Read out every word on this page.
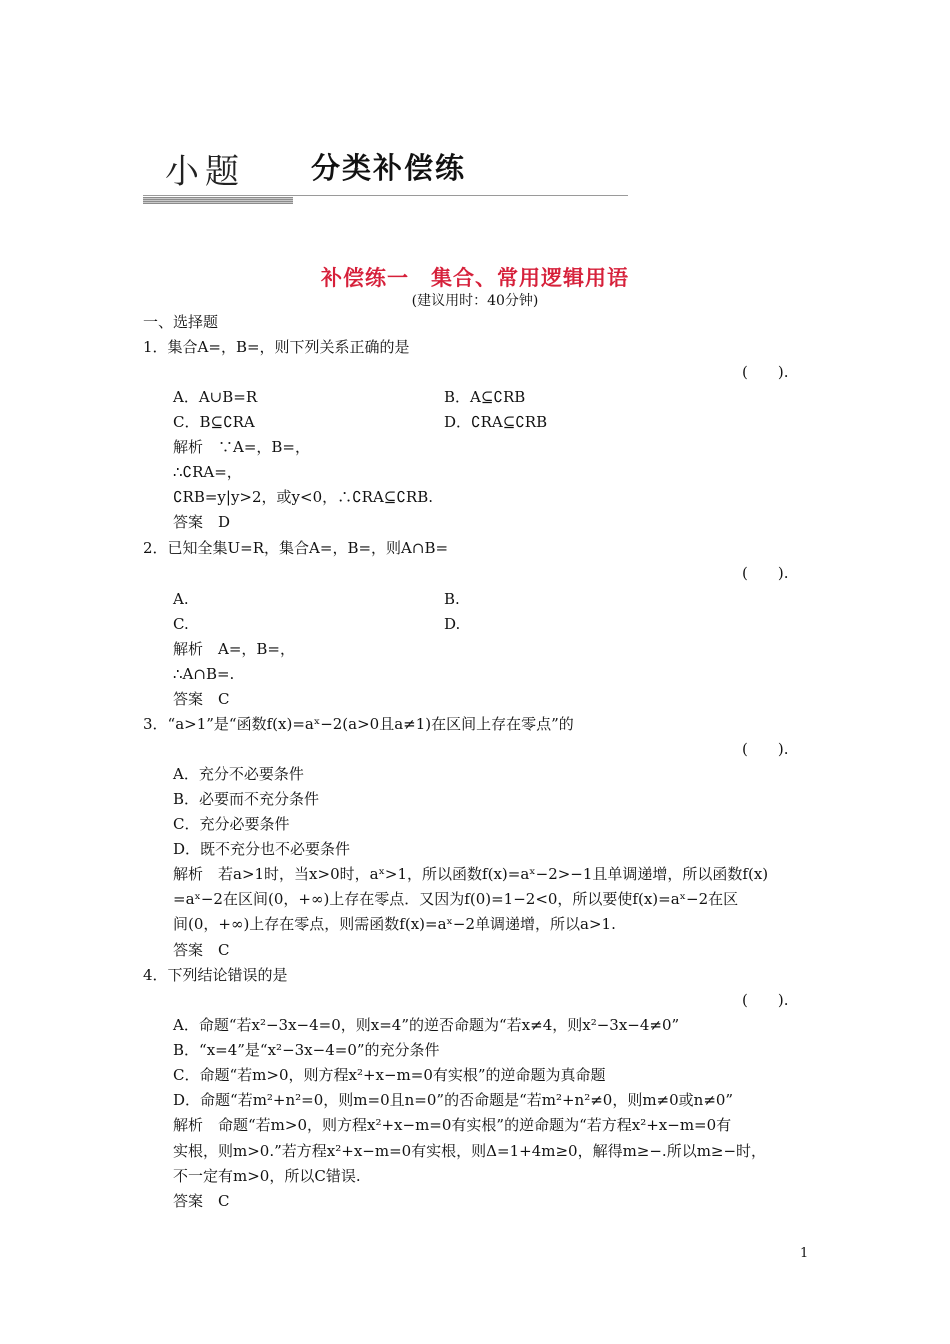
小题 分类补偿练
补偿练一　集合、常用逻辑用语
(建议用时：40分钟)
一、选择题
1．集合A=，B=，则下列关系正确的是
(　　).
A．A∪B=R	B．A⊆∁RB
C．B⊆∁RA	D．∁RA⊆∁RB
解析　∵A=，B=，
∴∁RA=，
∁RB=y|y>2，或y<0，∴∁RA⊆∁RB.
答案　D
2．已知全集U=R，集合A=，B=，则A∩B=
(　　).
A.	B.
C.	D.
解析　A=，B=，
∴A∩B=.
答案　C
3．“a>1”是“函数f(x)=aˣ−2(a>0且a≠1)在区间上存在零点”的
(　　).
A．充分不必要条件
B．必要而不充分条件
C．充分必要条件
D．既不充分也不必要条件
解析　若a>1时，当x>0时，aˣ>1，所以函数f(x)=aˣ−2>−1且单调递增，所以函数f(x)
=aˣ−2在区间(0，+∞)上存在零点．又因为f(0)=1−2<0，所以要使f(x)=aˣ−2在区
间(0，+∞)上存在零点，则需函数f(x)=aˣ−2单调递增，所以a>1.
答案　C
4．下列结论错误的是
(　　).
A．命题“若x²−3x−4=0，则x=4”的逆否命题为“若x≠4，则x²−3x−4≠0”
B．“x=4”是“x²−3x−4=0”的充分条件
C．命题“若m>0，则方程x²+x−m=0有实根”的逆命题为真命题
D．命题“若m²+n²=0，则m=0且n=0”的否命题是“若m²+n²≠0，则m≠0或n≠0”
解析　命题“若m>0，则方程x²+x−m=0有实根”的逆命题为“若方程x²+x−m=0有
实根，则m>0.”若方程x²+x−m=0有实根，则Δ=1+4m≥0，解得m≥−.所以m≥−时，
不一定有m>0，所以C错误.
答案　C
1
